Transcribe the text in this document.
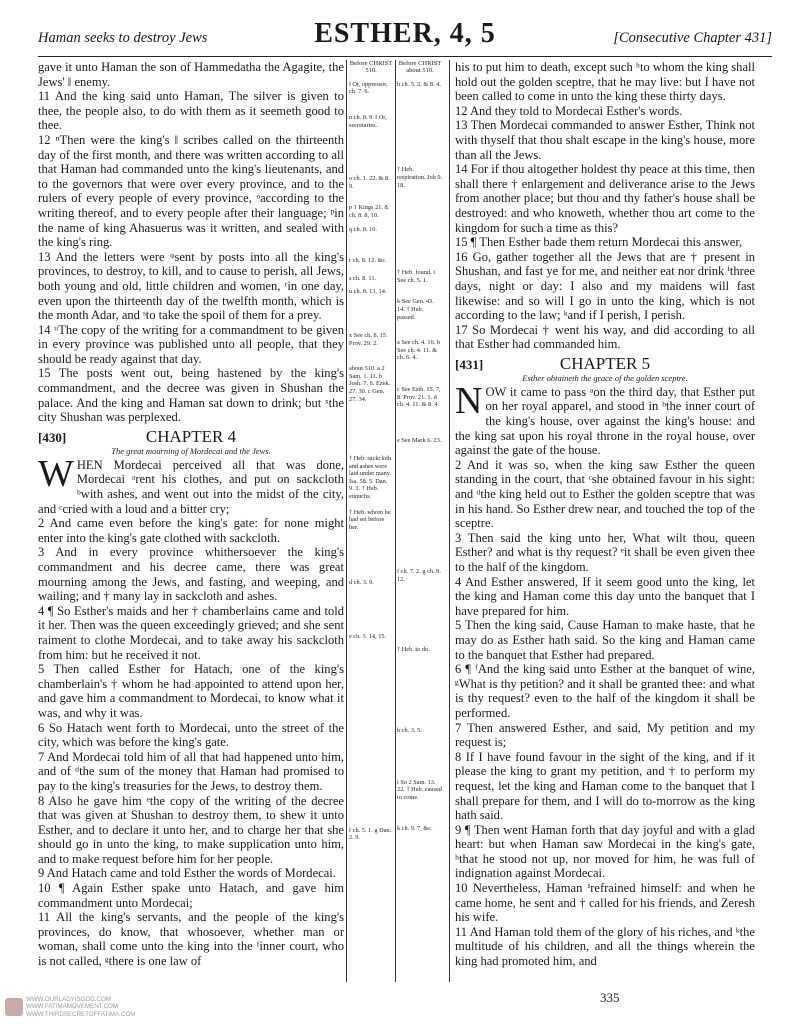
Haman seeks to destroy Jews	ESTHER, 4, 5	[Consecutive Chapter 431]

gave it unto Haman the son of Hammedatha the Agagite, the Jews' ‖ enemy.

11 And the king said unto Haman, The silver is given to thee, the people also, to do with them as it seemeth good to thee.

12 ⁿThen were the king's ‖ scribes called on the thirteenth day of the first month, and there was written according to all that Haman had commanded unto the king's lieutenants, and to the governors that were over every province, and to the rulers of every people of every province, ᵒaccording to the writing thereof, and to every people after their language; ᵖin the name of king Ahasuerus was it written, and sealed with the king's ring.

13 And the letters were ᵠsent by posts into all the king's provinces, to destroy, to kill, and to cause to perish, all Jews, both young and old, little children and women, ʳin one day, even upon the thirteenth day of the twelfth month, which is the month Adar, and ˢto take the spoil of them for a prey.

14 ᵘThe copy of the writing for a commandment to be given in every province was published unto all people, that they should be ready against that day.

15 The posts went out, being hastened by the king's commandment, and the decree was given in Shushan the palace. And the king and Haman sat down to drink; but ˣthe city Shushan was perplexed.

[430]	CHAPTER 4
The great mourning of Mordecai and the Jews.

WHEN Mordecai perceived all that was done, Mordecai ᵃrent his clothes, and put on sackcloth ᵇwith ashes, and went out into the midst of the city, and ᶜcried with a loud and a bitter cry;

2 And came even before the king's gate: for none might enter into the king's gate clothed with sackcloth.

3 And in every province whithersoever the king's commandment and his decree came, there was great mourning among the Jews, and fasting, and weeping, and wailing; and † many lay in sackcloth and ashes.

4 ¶ So Esther's maids and her † chamberlains came and told it her. Then was the queen exceedingly grieved; and she sent raiment to clothe Mordecai, and to take away his sackcloth from him: but he received it not.

5 Then called Esther for Hatach, one of the king's chamberlain's † whom he had appointed to attend upon her, and gave him a commandment to Mordecai, to know what it was, and why it was.

6 So Hatach went forth to Mordecai, unto the street of the city, which was before the king's gate.

7 And Mordecai told him of all that had happened unto him, and of ᵈthe sum of the money that Haman had promised to pay to the king's treasuries for the Jews, to destroy them.

8 Also he gave him ᵉthe copy of the writing of the decree that was given at Shushan to destroy them, to shew it unto Esther, and to declare it unto her, and to charge her that she should go in unto the king, to make supplication unto him, and to make request before him for her people.

9 And Hatach came and told Esther the words of Mordecai.

10 ¶ Again Esther spake unto Hatach, and gave him commandment unto Mordecai;

11 All the king's servants, and the people of the king's provinces, do know, that whosoever, whether man or woman, shall come unto the king into the ᶠinner court, who is not called, ᵍthere is one law of

Before CHRIST
510.
‖ Or, oppressor, ch. 7. 6.
n ch. 8. 9. ‖ Or, secretaries.
o ch. 1. 22. & 8. 9.
p 1 Kings 21. 8. ch. 8. 8, 10.
q ch. 8. 10.
r ch. 8. 12. &c.
s ch. 8. 11.
u ch. 8. 13, 14.
x See ch. 8. 15. Prov. 29. 2.
about 510. a 2 Sam. 1. 11. b Josh. 7. 6. Ezek. 27. 30. c Gen. 27. 34.
† Heb. sackcloth and ashes were laid under many. Isa. 58. 5. Dan. 9. 3. † Heb. eunuchs.
† Heb. whom he had set before her.
d ch. 3. 9.
e ch. 3. 14, 15.
f ch. 5. 1. g Dan. 2. 9.
Before CHRIST
about 510.
h ch. 5. 2. & 8. 4.
† Heb. respiration. Job 9. 18.
† Heb. found. i See ch. 5. 1.
k See Gen. 43. 14. † Heb. passed.
a See ch. 4. 16. b See ch. 4. 11. & ch. 6. 4.
c See Esth. 15. 7, 8. Prov. 21. 1. d ch. 4. 11. & 8. 4.
e See Mark 6. 23.
f ch. 7. 2. g ch. 9. 12.
† Heb. to do.
h ch. 3. 5.
i So 2 Sam. 13. 22. † Heb. caused to come.
k ch. 9. 7, &c.

his to put him to death, except such ʰto whom the king shall hold out the golden sceptre, that he may live: but I have not been called to come in unto the king these thirty days.

12 And they told to Mordecai Esther's words.

13 Then Mordecai commanded to answer Esther, Think not with thyself that thou shalt escape in the king's house, more than all the Jews.

14 For if thou altogether holdest thy peace at this time, then shall there † enlargement and deliverance arise to the Jews from another place; but thou and thy father's house shall be destroyed: and who knoweth, whether thou art come to the kingdom for such a time as this?

15 ¶ Then Esther bade them return Mordecai this answer,

16 Go, gather together all the Jews that are † present in Shushan, and fast ye for me, and neither eat nor drink ⁱthree days, night or day: I also and my maidens will fast likewise: and so will I go in unto the king, which is not according to the law; ᵏand if I perish, I perish.

17 So Mordecai † went his way, and did according to all that Esther had commanded him.

[431]	CHAPTER 5
Esther obtaineth the grace of the golden sceptre.

NOW it came to pass ᵃon the third day, that Esther put on her royal apparel, and stood in ᵇthe inner court of the king's house, over against the king's house: and the king sat upon his royal throne in the royal house, over against the gate of the house.

2 And it was so, when the king saw Esther the queen standing in the court, that ᶜshe obtained favour in his sight: and ᵈthe king held out to Esther the golden sceptre that was in his hand. So Esther drew near, and touched the top of the sceptre.

3 Then said the king unto her, What wilt thou, queen Esther? and what is thy request? ᵉit shall be even given thee to the half of the kingdom.

4 And Esther answered, If it seem good unto the king, let the king and Haman come this day unto the banquet that I have prepared for him.

5 Then the king said, Cause Haman to make haste, that he may do as Esther hath said. So the king and Haman came to the banquet that Esther had prepared.

6 ¶ ᶠAnd the king said unto Esther at the banquet of wine, ᵍWhat is thy petition? and it shall be granted thee: and what is thy request? even to the half of the kingdom it shall be performed.

7 Then answered Esther, and said, My petition and my request is;

8 If I have found favour in the sight of the king, and if it please the king to grant my petition, and † to perform my request, let the king and Haman come to the banquet that I shall prepare for them, and I will do to-morrow as the king hath said.

9 ¶ Then went Haman forth that day joyful and with a glad heart: but when Haman saw Mordecai in the king's gate, ʰthat he stood not up, nor moved for him, he was full of indignation against Mordecai.

10 Nevertheless, Haman ⁱrefrained himself: and when he came home, he sent and † called for his friends, and Zeresh his wife.

11 And Haman told them of the glory of his riches, and ᵏthe multitude of his children, and all the things wherein the king had promoted him, and

WWW.OURLADYISGOD.COM
WWW.FATIMAMOVEMENT.COM
WWW.THIRDSECRETOFFATIMA.COM
335
